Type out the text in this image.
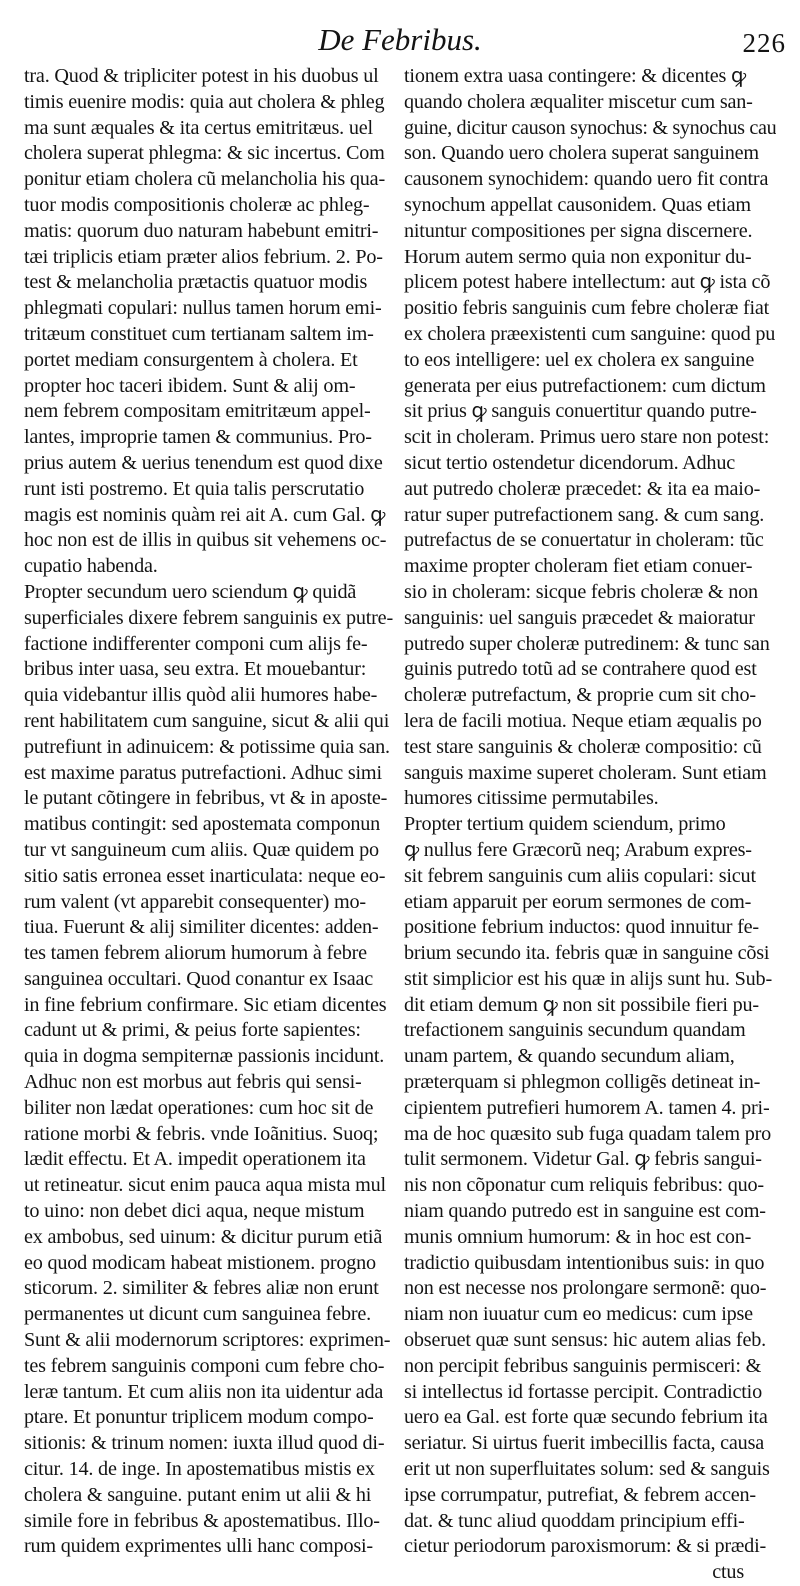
De Febribus.	226
tra. Quod & tripliciter potest in his duobus ul
timis euenire modis: quia aut cholera & phleg
ma sunt æquales & ita certus emitritæus. uel
cholera superat phlegma: & sic incertus. Com
ponitur etiam cholera cũ melancholia his qua-
tuor modis compositionis choleræ ac phleg-
matis: quorum duo naturam habebunt emitri-
tæi triplicis etiam præter alios febrium. 2. Po-
test & melancholia prætactis quatuor modis
phlegmati copulari: nullus tamen horum emi-
tritæum constituet cum tertianam saltem im-
portet mediam consurgentem à cholera. Et
propter hoc taceri ibidem. Sunt & alij om-
nem febrem compositam emitritæum appel-
lantes, improprie tamen & communius. Pro-
prius autem & uerius tenendum est quod dixe
runt isti postremo. Et quia talis perscrutatio
magis est nominis quàm rei ait A. cum Gal. ꝙ
hoc non est de illis in quibus sit vehemens oc-
cupatio habenda.
Propter secundum uero sciendum ꝙ quidã
superficiales dixere febrem sanguinis ex putre-
factione indifferenter componi cum alijs fe-
bribus inter uasa, seu extra. Et mouebantur:
quia videbantur illis quòd alii humores habe-
rent habilitatem cum sanguine, sicut & alii qui
putrefiunt in adinuicem: & potissime quia san.
est maxime paratus putrefactioni. Adhuc simi
le putant cõtingere in febribus, vt & in aposte-
matibus contingit: sed apostemata componun
tur vt sanguineum cum aliis. Quæ quidem po
sitio satis erronea esset inarticulata: neque eo-
rum valent (vt apparebit consequenter) mo-
tiua. Fuerunt & alij similiter dicentes: adden-
tes tamen febrem aliorum humorum à febre
sanguinea occultari. Quod conantur ex Isaac
in fine febrium confirmare. Sic etiam dicentes
cadunt ut & primi, & peius forte sapientes:
quia in dogma sempiternæ passionis incidunt.
Adhuc non est morbus aut febris qui sensi-
biliter non lædat operationes: cum hoc sit de
ratione morbi & febris. vnde Ioãnitius. Suoq;
lædit effectu. Et A. impedit operationem ita
ut retineatur. sicut enim pauca aqua mista mul
to uino: non debet dici aqua, neque mistum
ex ambobus, sed uinum: & dicitur purum etiã
eo quod modicam habeat mistionem. progno
sticorum. 2. similiter & febres aliæ non erunt
permanentes ut dicunt cum sanguinea febre.
Sunt & alii modernorum scriptores: exprimen-
tes febrem sanguinis componi cum febre cho-
leræ tantum. Et cum aliis non ita uidentur ada
ptare. Et ponuntur triplicem modum compo-
sitionis: & trinum nomen: iuxta illud quod di-
citur. 14. de inge. In apostematibus mistis ex
cholera & sanguine. putant enim ut alii & hi
simile fore in febribus & apostematibus. Illo-
rum quidem exprimentes ulli hanc composi-
tionem extra uasa contingere: & dicentes ꝙ
quando cholera æqualiter miscetur cum san-
guine, dicitur causon synochus: & synochus cau
son. Quando uero cholera superat sanguinem
causonem synochidem: quando uero fit contra
synochum appellat causonidem. Quas etiam
nituntur compositiones per signa discernere.
Horum autem sermo quia non exponitur du-
plicem potest habere intellectum: aut ꝙ ista cõ
positio febris sanguinis cum febre choleræ fiat
ex cholera præexistenti cum sanguine: quod pu
to eos intelligere: uel ex cholera ex sanguine
generata per eius putrefactionem: cum dictum
sit prius ꝙ sanguis conuertitur quando putre-
scit in choleram. Primus uero stare non potest:
sicut tertio ostendetur dicendorum. Adhuc
aut putredo choleræ præcedet: & ita ea maio-
ratur super putrefactionem sang. & cum sang.
putrefactus de se conuertatur in choleram: tũc
maxime propter choleram fiet etiam conuer-
sio in choleram: sicque febris choleræ & non
sanguinis: uel sanguis præcedet & maioratur
putredo super choleræ putredinem: & tunc san
guinis putredo totũ ad se contrahere quod est
choleræ putrefactum, & proprie cum sit cho-
lera de facili motiua. Neque etiam æqualis po
test stare sanguinis & choleræ compositio: cũ
sanguis maxime superet choleram. Sunt etiam
humores citissime permutabiles.
Propter tertium quidem sciendum, primo
ꝙ nullus fere Græcorũ neq; Arabum expres-
sit febrem sanguinis cum aliis copulari: sicut
etiam apparuit per eorum sermones de com-
positione febrium inductos: quod innuitur fe-
brium secundo ita. febris quæ in sanguine cõsi
stit simplicior est his quæ in alijs sunt hu. Sub-
dit etiam demum ꝙ non sit possibile fieri pu-
trefactionem sanguinis secundum quandam
unam partem, & quando secundum aliam,
præterquam si phlegmon colligẽs detineat in-
cipientem putrefieri humorem A. tamen 4. pri-
ma de hoc quæsito sub fuga quadam talem pro
tulit sermonem. Videtur Gal. ꝙ febris sangui-
nis non cõponatur cum reliquis febribus: quo-
niam quando putredo est in sanguine est com-
munis omnium humorum: & in hoc est con-
tradictio quibusdam intentionibus suis: in quo
non est necesse nos prolongare sermonẽ: quo-
niam non iuuatur cum eo medicus: cum ipse
obseruet quæ sunt sensus: hic autem alias feb.
non percipit febribus sanguinis permisceri: &
si intellectus id fortasse percipit. Contradictio
uero ea Gal. est forte quæ secundo febrium ita
seriatur. Si uirtus fuerit imbecillis facta, causa
erit ut non superfluitates solum: sed & sanguis
ipse corrumpatur, putrefiat, & febrem accen-
dat. & tunc aliud quoddam principium effi-
cietur periodorum paroxismorum: & si prædi-
ctus
